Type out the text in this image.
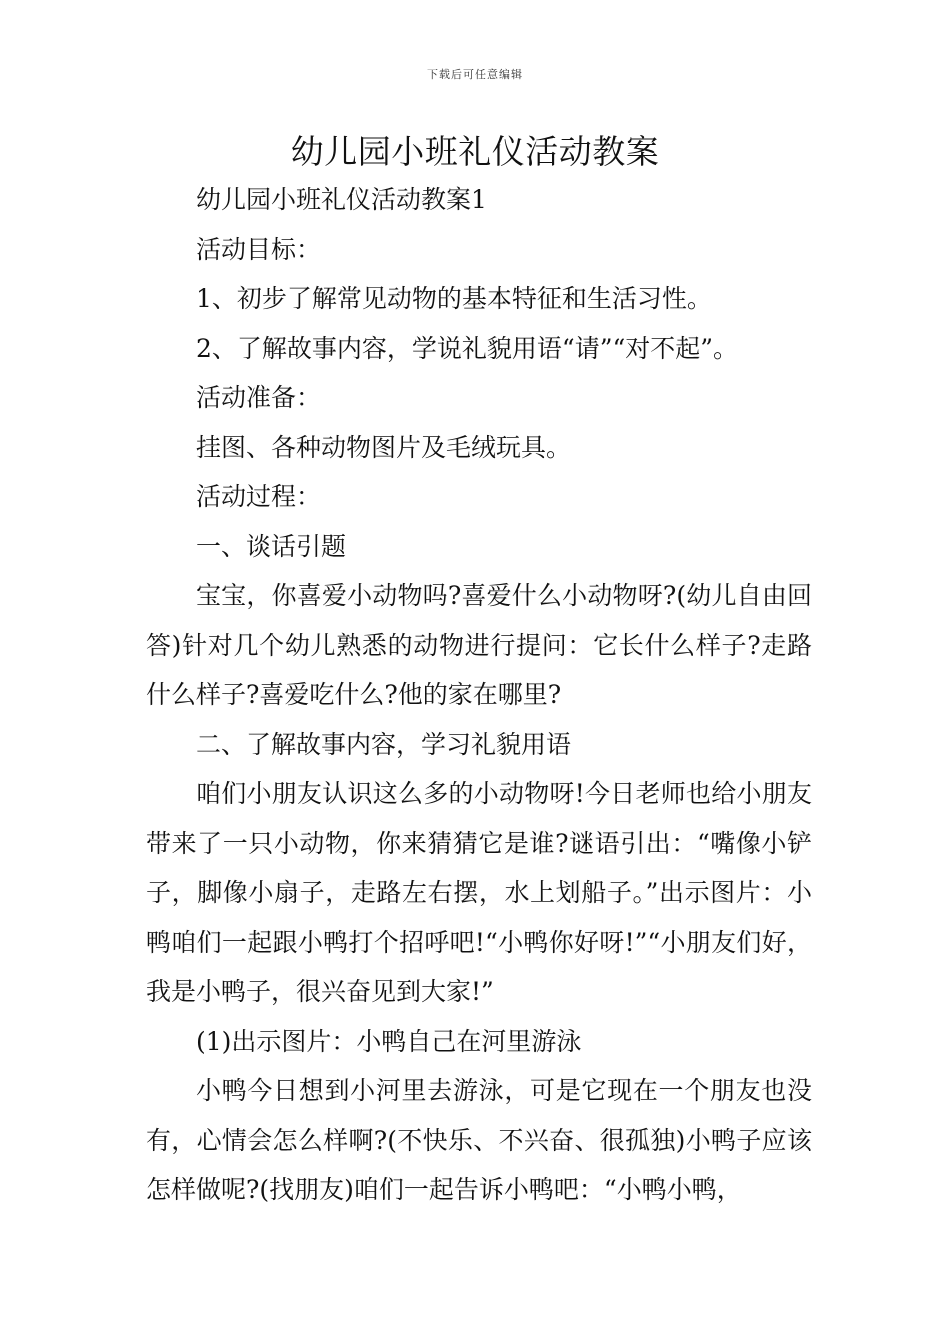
下载后可任意编辑
幼儿园小班礼仪活动教案

幼儿园小班礼仪活动教案1

活动目标：

1、初步了解常见动物的基本特征和生活习性。

2、了解故事内容，学说礼貌用语“请”“对不起”。

活动准备：

挂图、各种动物图片及毛绒玩具。

活动过程：

一、谈话引题

宝宝，你喜爱小动物吗?喜爱什么小动物呀?(幼儿自由回答)针对几个幼儿熟悉的动物进行提问：它长什么样子?走路什么样子?喜爱吃什么?他的家在哪里?

二、了解故事内容，学习礼貌用语

咱们小朋友认识这么多的小动物呀!今日老师也给小朋友带来了一只小动物，你来猜猜它是谁?谜语引出：“嘴像小铲子，脚像小扇子，走路左右摆，水上划船子。”出示图片：小鸭咱们一起跟小鸭打个招呼吧!“小鸭你好呀!”“小朋友们好，我是小鸭子，很兴奋见到大家!”

(1)出示图片：小鸭自己在河里游泳

小鸭今日想到小河里去游泳，可是它现在一个朋友也没有，心情会怎么样啊?(不快乐、不兴奋、很孤独)小鸭子应该怎样做呢?(找朋友)咱们一起告诉小鸭吧：“小鸭小鸭，
